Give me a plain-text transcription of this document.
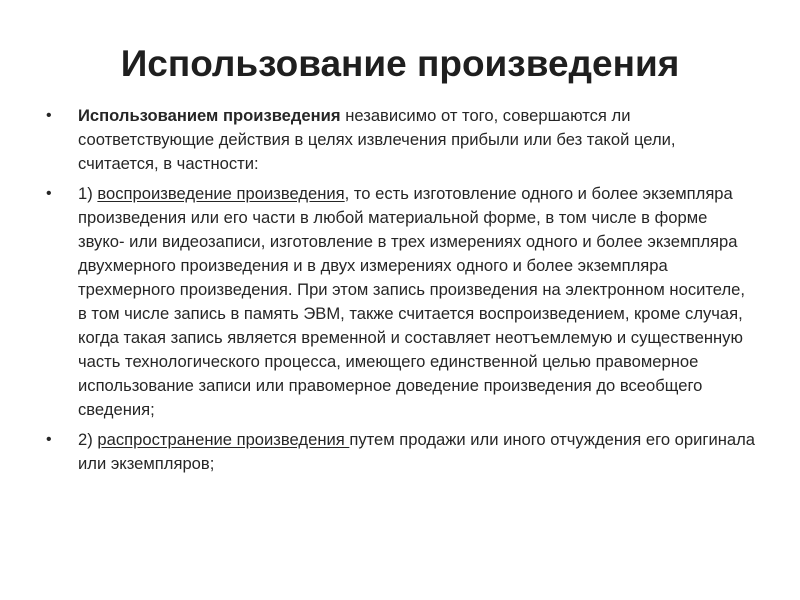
Использование произведения
•	Использованием произведения независимо от того, совершаются ли соответствующие действия в целях извлечения прибыли или без такой цели, считается, в частности:
•	1) воспроизведение произведения, то есть изготовление одного и более экземпляра произведения или его части в любой материальной форме, в том числе в форме звуко- или видеозаписи, изготовление в трех измерениях одного и более экземпляра двухмерного произведения и в двух измерениях одного и более экземпляра трехмерного произведения. При этом запись произведения на электронном носителе, в том числе запись в память ЭВМ, также считается воспроизведением, кроме случая, когда такая запись является временной и составляет неотъемлемую и существенную часть технологического процесса, имеющего единственной целью правомерное использование записи или правомерное доведение произведения до всеобщего сведения;
•	2) распространение произведения путем продажи или иного отчуждения его оригинала или экземпляров;
